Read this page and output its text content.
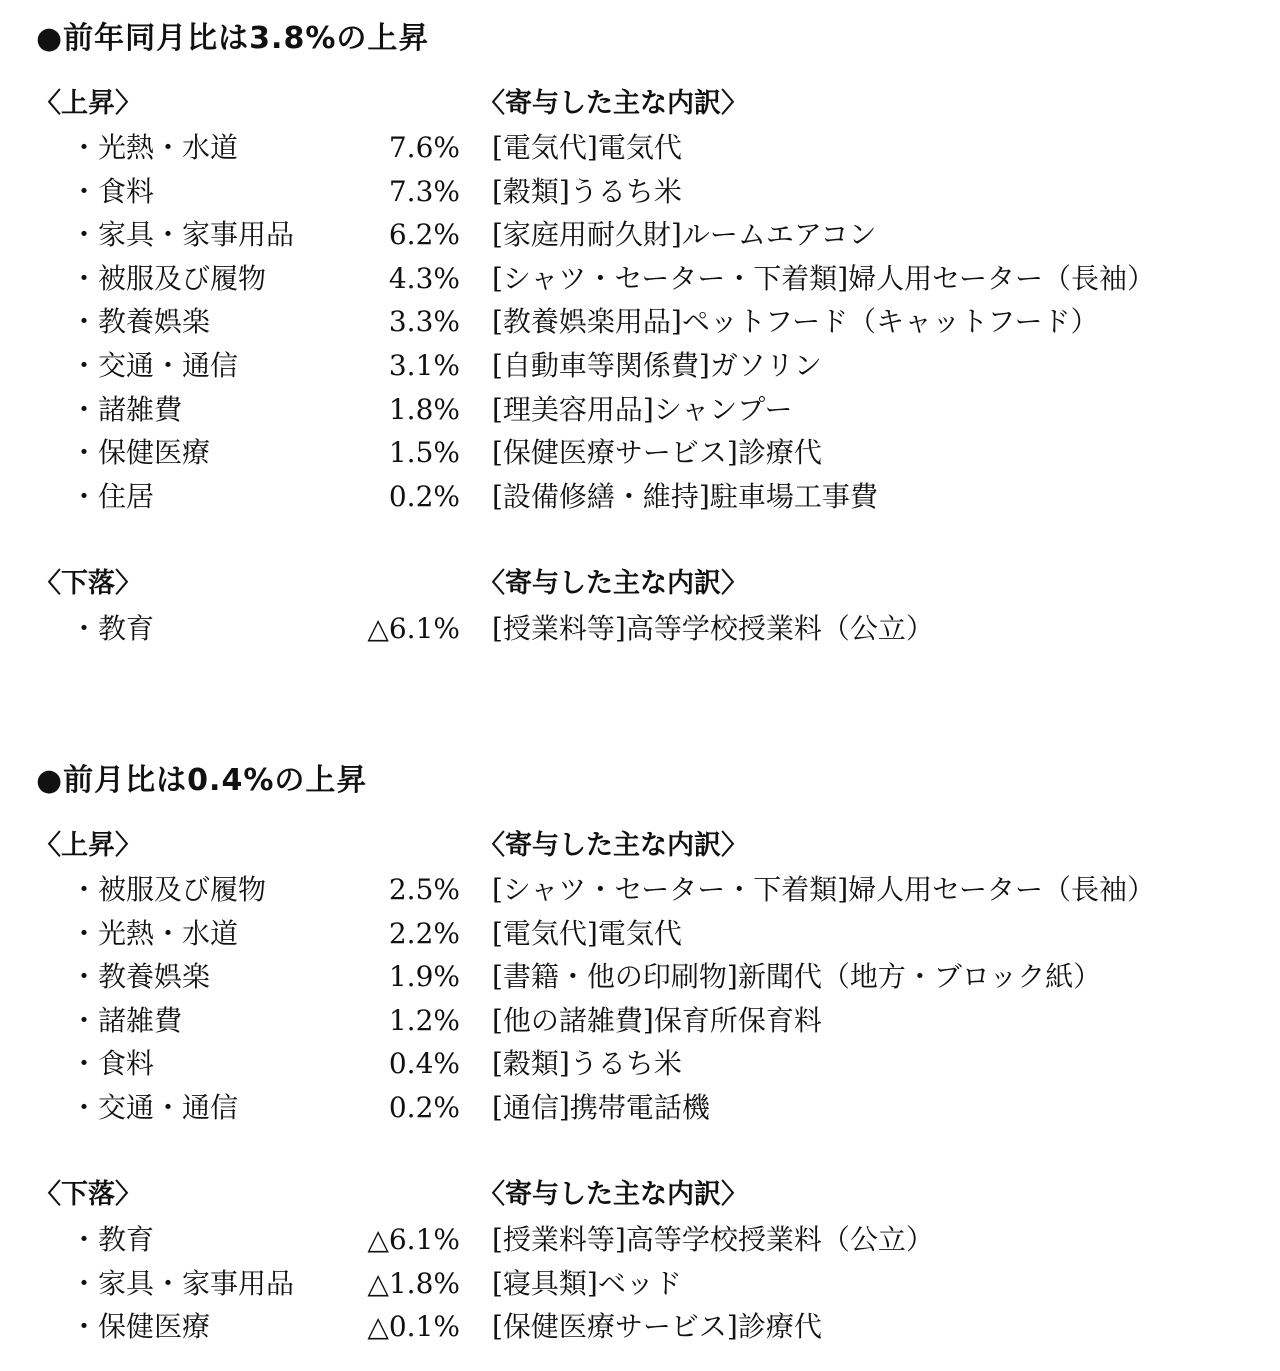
●前年同月比は3.8%の上昇
〈上昇〉	〈寄与した主な内訳〉
・ 光熱・水道	7.6% [電気代]電気代
・ 食料	7.3% [穀類]うるち米
・ 家具・家事用品	6.2% [家庭用耐久財]ルームエアコン
・ 被服及び履物	4.3% [シャツ・セーター・下着類]婦人用セーター（長袖）
・ 教養娯楽	3.3% [教養娯楽用品]ペットフード（キャットフード）
・ 交通・通信	3.1% [自動車等関係費]ガソリン
・ 諸雑費	1.8% [理美容用品]シャンプー
・ 保健医療	1.5% [保健医療サービス]診療代
・ 住居	0.2% [設備修繕・維持]駐車場工事費
〈下落〉	〈寄与した主な内訳〉
・ 教育	△6.1% [授業料等]高等学校授業料（公立）
●前月比は0.4%の上昇
〈上昇〉	〈寄与した主な内訳〉
・ 被服及び履物	2.5% [シャツ・セーター・下着類]婦人用セーター（長袖）
・ 光熱・水道	2.2% [電気代]電気代
・ 教養娯楽	1.9% [書籍・他の印刷物]新聞代（地方・ブロック紙）
・ 諸雑費	1.2% [他の諸雑費]保育所保育料
・ 食料	0.4% [穀類]うるち米
・ 交通・通信	0.2% [通信]携帯電話機
〈下落〉	〈寄与した主な内訳〉
・ 教育	△6.1% [授業料等]高等学校授業料（公立）
・ 家具・家事用品	△1.8% [寝具類]ベッド
・ 保健医療	△0.1% [保健医療サービス]診療代
